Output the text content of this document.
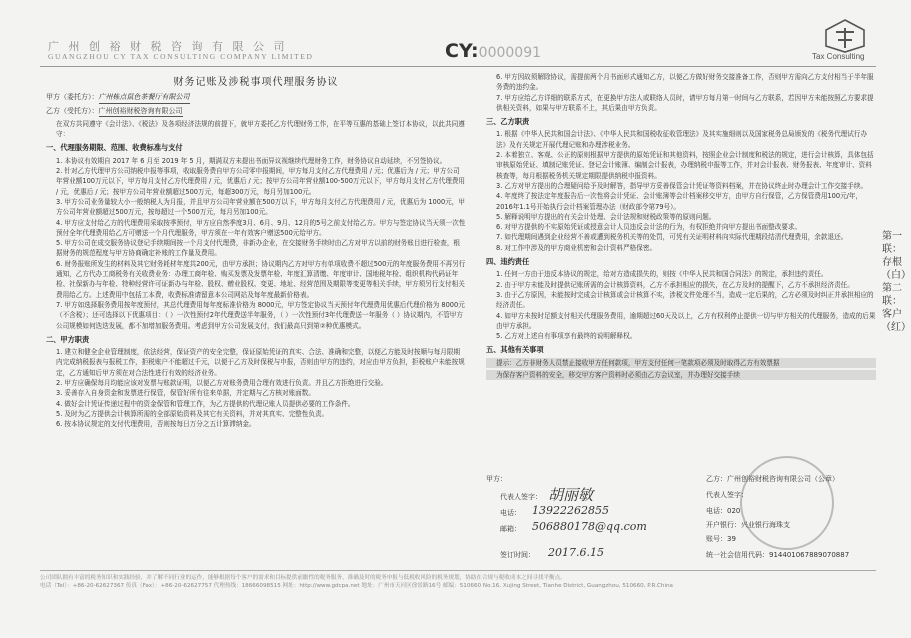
广 州 创 裕 财 税 咨 询 有 限 公 司
GUANGZHOU CY TAX CONSULTING COMPANY LIMITED	CY:0000091	Tax Consulting
财务记账及涉税事项代理服务协议
甲方（委托方）：广州栋点鼠色茶餐厅有限公司
乙方（受托方）：广州创裕财税咨询有限公司

在双方共同遵守《会计法》、《税法》及各项经济法规的前提下，就甲方委托乙方代理财务工作，在平等互惠的基础上签订本协议，以此共同遵守：

一、代理服务期限、范围、收费标准与支付

1. 本协议有效期自 2017 年 6 月至 2019 年 5 月，期满双方未提出书面异议视继续代理财务工作，财务协议自动延续，不另签协议。

2. 针对乙方代理甲方公司纳税申报等事项，收取服务费自甲方公司零申报期间，甲方每月支付乙方代理费用 / 元；优惠后为 / 元；甲方公司年营业额100万元以下，甲方每月支付乙方代理费用 / 元，优惠后 / 元；按甲方公司年营业额100-500万元以下，甲方每月支付乙方代理费用 / 元，优惠后 / 元；按甲方公司年营业额超过500万元，每超300万元，每月另加100元。

3. 甲方公司业务量较大小一般纳税人为月报，并且甲方公司年营业额在500万以下，甲方每月支付乙方代理费用 / 元，优惠后为 1000元，甲方公司年营业额超过500万元，按每超过一个500万元，每月另加100元。

4. 甲方应支付给乙方的代理费用采取按季预付，甲方应自然季度3月、6月、9月、12月的5号之前支付给乙方。甲方与签定协议当天须一次性预付全年代理费用给乙方可赠送一个月代理服务，甲方须在一年有效客户赠送500元给甲方。

5. 甲方公司在成交服务协议登记手续期间按一个月支付代理费，非新办企业，在交接财务手续时由乙方对甲方以前的财务账目进行检查，根据财务的规范程度与甲方协商确定补账的工作量及费用。

6. 财务报账所发生的材料及其它财务耗材年度共200元，由甲方承担；协议期内乙方对甲方有单项收费不超过500元的年度服务费用不再另行通知，乙方代办工商税务有关收费业务：办理工商年检、购买发票及发票年检、年度汇算清缴、年度审计、国地税年检、组织机构代码证年检、社保新办与年检、特种经营许可证新办与年检、股权、赠业股权、变更、地址、经营范围及期限等变更等相关手续，甲方须另行支付相关费用给乙方。上述费用中包括工本费，收费标准请留意本公司网站及每年度最新价格表。

7. 甲方如选择服务费用按年度预付，其总代理费用每年度标准价格为 8000元，甲方签定协议当天预付年代理费用优惠后代理价格为 8000元（不含税）；还可选择以下优惠项目：（ ）一次性预付2年代理费送半年服务，（ ）一次性预付3年代理费送一年服务（ ）协议期内，不管甲方公司规模如何迭迭发展，都不加增加服务费用。考虑到甲方公司发展支付，我们最高只到第②种优惠模式。

二、甲方职责

1. 建立和健全企业管理制度，依法经营，保证资产的安全完整，保证原始凭证的真实、合法、准确和完整，以便乙方能及时按顺与每月限期内完成纳税报表与报税工作，拒税账户不能超过千元，以便于乙方及时保税与申报，否则由甲方的违约，对应由甲方负担，拒税账户未能按规定，乙方通知后甲方须在对合法性进行有效的经济业务。

2. 甲方应确保每月均能应该对发票与账款证明，以便乙方对账务费用合理有效进行负责。并且乙方拒绝进行交验。

3. 妥善存入自身资金和发票进行保管，保管好所有往来单据，并定期与乙方核对账面数。

4. 做好会计凭证传递过程中的资金保管和管理工作，为乙方提供的代理记账人员提供必要的工作条件。

5. 及时为乙方提供会计核算所需的全部原始资料及其它有关资料，并对其真实、完整性负责。

6. 按本协议规定的支付代理费用，否则按每日万分之五计算滞纳金。

6. 甲方因故须解除协议，需提前两个月书面形式通知乙方，以便乙方做好财务交接准备工作，否则甲方需向乙方支付相当于半年服务费的违约金。

7. 甲方应给乙方详细的联系方式，在更换甲方法人或联络人员时，请甲方每月第一时间与乙方联系，若因甲方未能按照乙方要求提供相关资料，如果与甲方联系不上，其后果由甲方负责。

三、乙方职责

1. 根据《中华人民共和国会计法》、《中华人民共和国税收征收管理法》及其实施细则以及国家税务总局颁发的《税务代理试行办法》及有关规定开展代理记账和办理涉税业务。

2. 本着独立、客观、公正的原则根据甲方提供的原始凭证和其他资料，按照企业会计制度和税法的规定，进行会计核算，具体包括审核原始凭证、填制记账凭证、登记会计账簿、编制会计报表，办理纳税申报等工作，并对会计报表、财务报表、年度审计、资料核查等，每月根据税务机关规定期限提供纳税申报资料。

3. 乙方对甲方提出的合理疑问给予及时解答，指导甲方妥善保管会计凭证等资料档案，并在协议终止时办理会计工作交接手续。

4. 年度终了按法定年度报告后一次性将会计凭证、会计账簿等会计档案移交甲方，由甲方自行保管，乙方保管费用100元/年，2016年1.1号开始执行会计档案管理办法（财政部令第79号）。

5. 解释说明甲方提出的有关会计处理、会计法规和财税政策等的原则问题。

6. 对甲方提供的不实原始凭证或授意会计人员违反会计法的行为，有权拒绝并向甲方提出书面整改要求。

7. 如代理期间遇到企业经营不善或遭到税务机关等的处罚，可凭有关证明材料向实际代理期段结清代理费用，余款退还。

8. 对工作中涉及的甲方商业机密和会计资料严格保密。

四、违约责任

1. 任何一方由于违反本协议的规定，给对方造成损失的，则按《中华人民共和国合同法》的规定，承担违约责任。

2. 由于甲方未能及时提供记账所需的会计核算资料，乙方不承担相应的损失，在乙方及时的提醒下，乙方不承担经济责任。

3. 由于乙方原因，未能按时完成会计核算或会计核算不实，涉税文件处理不当，造成一定后果的，乙方必须及时纠正并承担相应的经济责任。

4. 如甲方未按时足额支付相关代理服务费用，逾期超过60天及以上，乙方有权利停止提供一切与甲方相关的代理服务，造成的后果由甲方承担。

5. 乙方对上述自有事项享有最终的说明解释权。

五、其他有关事项

提示：乙方非财务人员禁止接收甲方任何款项，甲方支付任何一笔款项必须及时取得乙方有效票据

为保存客户资料的安全，移交甲方客户资料时必须由乙方会议室，并办理好交接手续

甲方：
代表人签字： 胡丽敏
电话： 13922262855
邮箱： 506880178@qq.com
签订时间： 2017.6.15
乙方：广州创裕财税咨询有限公司（公章）
代表人签字：
电话：020
开户银行：兴业银行海珠支
账号：39
统一社会信用代码：914401067889070887
第一联：存根（白） 第二联：客户（红）
公司团队拥有丰富的税务知识和实践经验，并了解不同行业的运作，能够根据每个客户的需求和目标提供前瞻性的税务服务，准确及时的税务申报与低税收风险的税务规划，协助在合规与税收成本之间寻找平衡点。
电话（Tel）：+86-20-62627367 传真（Fax）：+86-20-62627757 代理热线：18666098515 网址：http://www.gdcpa.net 地址：广州市天河区徐景路16号 邮编：510660 No.16, Xujing Street, Tianhe District, Guangzhou, 510660, P.R.China
